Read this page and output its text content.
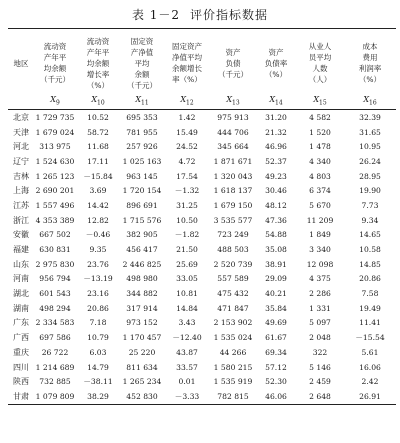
表 1－2 评价指标数据
地区	流动资
产年平
均余额
（千元）	流动资
产年平
均余额
增长率
（%）	固定资
产净值
平均
余额
（千元）	固定资产
净值平均
余额增长
率（%）	资产
负债
（千元）	资产
负债率
（%）	从业人
员平均
人数
（人）	成本
费用
利润率
（%）
	$X_9$	$X_{10}$	$X_{11}$	$X_{12}$	$X_{13}$	$X_{14}$	$X_{15}$	$X_{16}$
北京	1 729 735	10.52	695 353	1.42	975 913	31.20	4 582	32.39
天津	1 679 024	58.72	781 955	15.49	444 706	21.32	1 520	31.65
河北	313 975	11.68	257 926	24.52	345 664	46.96	1 478	10.95
辽宁	1 524 630	17.11	1 025 163	4.72	1 871 671	52.37	4 340	26.24
吉林	1 265 123	－15.84	963 145	17.54	1 320 043	49.23	4 803	28.95
上海	2 690 201	3.69	1 720 154	－1.32	1 618 137	30.46	6 374	19.90
江苏	1 557 496	14.42	896 691	31.25	1 679 150	48.12	5 670	7.73
浙江	4 353 389	12.82	1 715 576	10.50	3 535 577	47.36	11 209	9.34
安徽	667 502	－0.46	382 905	－1.82	723 249	54.88	1 849	14.65
福建	630 831	9.35	456 417	21.50	488 503	35.08	3 340	10.58
山东	2 975 830	23.76	2 446 825	25.69	2 520 739	38.91	12 098	14.85
河南	956 794	－13.19	498 980	33.05	557 589	29.09	4 375	20.86
湖北	601 543	23.16	344 882	10.81	475 432	40.21	2 286	7.58
湖南	498 294	20.86	317 914	14.84	471 847	35.84	1 331	19.49
广东	2 334 583	7.18	973 152	3.43	2 153 902	49.69	5 097	11.41
广西	697 586	10.79	1 170 457	－12.40	1 535 024	61.67	2 048	－15.54
重庆	26 722	6.03	25 220	43.87	44 266	69.34	322	5.61
四川	1 214 689	14.79	811 634	33.57	1 580 215	57.12	5 146	16.06
陕西	732 885	－38.11	1 265 234	0.01	1 535 919	52.30	2 459	2.42
甘肃	1 079 809	38.29	452 830	－3.33	782 815	46.06	2 648	26.91
